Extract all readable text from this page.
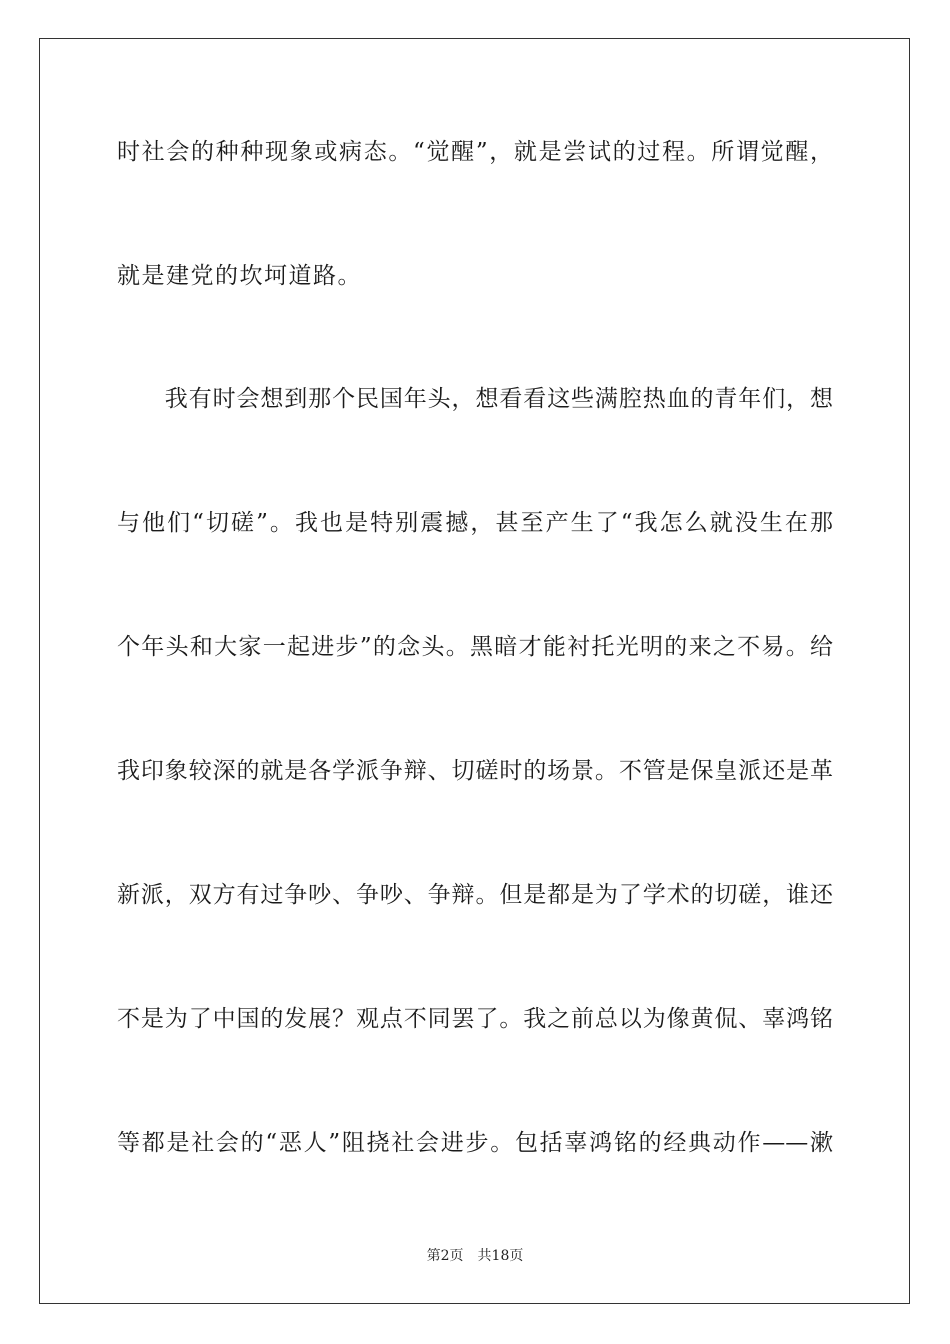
时社会的种种现象或病态。“觉醒”，就是尝试的过程。所谓觉醒，
就是建党的坎坷道路。
　　我有时会想到那个民国年头，想看看这些满腔热血的青年们，想
与他们“切磋”。我也是特别震撼，甚至产生了“我怎么就没生在那
个年头和大家一起进步”的念头。黑暗才能衬托光明的来之不易。给
我印象较深的就是各学派争辩、切磋时的场景。不管是保皇派还是革
新派，双方有过争吵、争吵、争辩。但是都是为了学术的切磋，谁还
不是为了中国的发展？观点不同罢了。我之前总以为像黄侃、辜鸿铭
等都是社会的“恶人”阻挠社会进步。包括辜鸿铭的经典动作——漱
第2页 共18页
